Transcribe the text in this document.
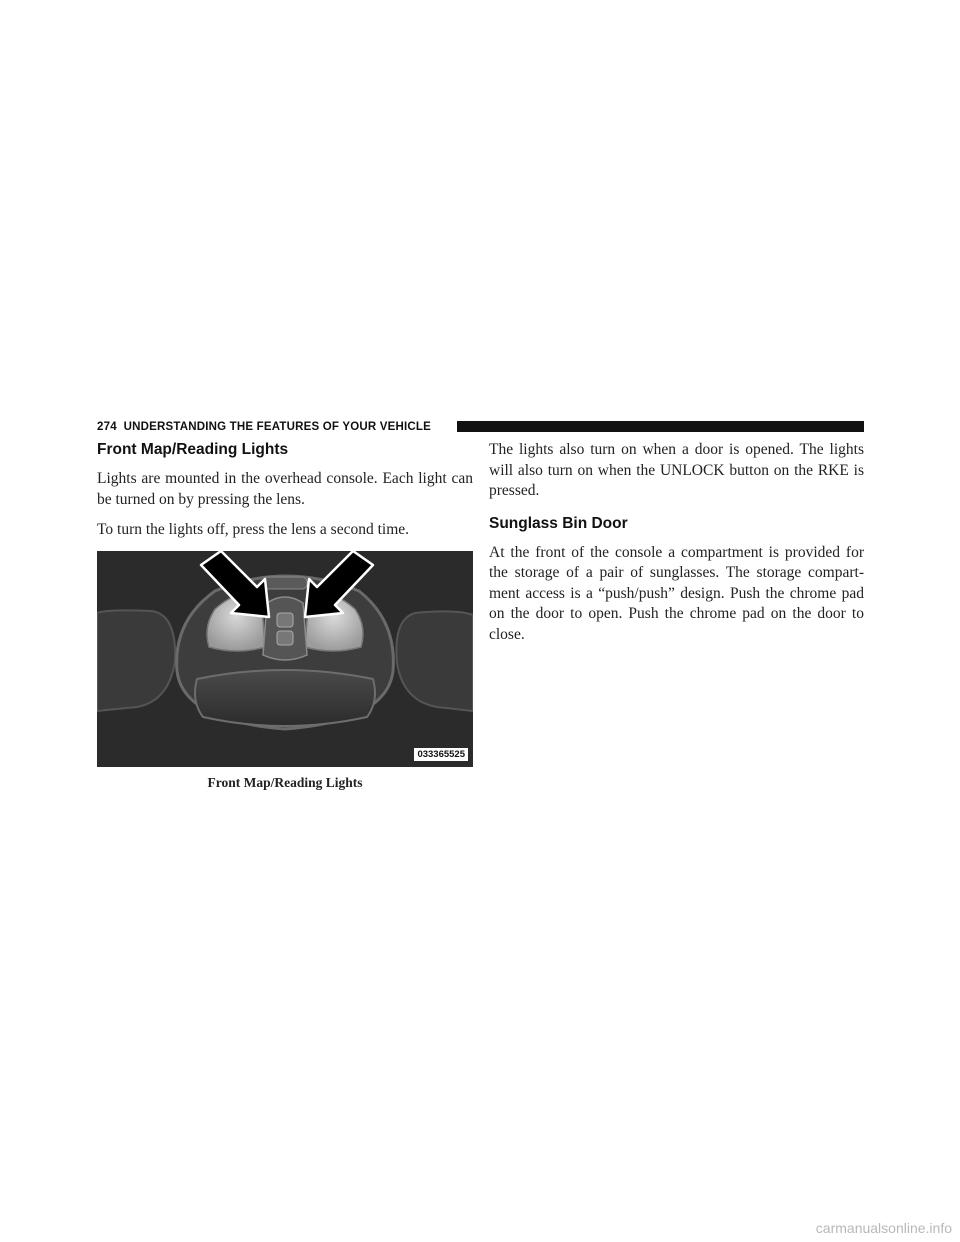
274 UNDERSTANDING THE FEATURES OF YOUR VEHICLE
Front Map/Reading Lights

Lights are mounted in the overhead console. Each light can be turned on by pressing the lens.

To turn the lights off, press the lens a second time.

033365525
Front Map/Reading Lights

The lights also turn on when a door is opened. The lights will also turn on when the UNLOCK button on the RKE is pressed.

Sunglass Bin Door

At the front of the console a compartment is provided for the storage of a pair of sunglasses. The storage compart-ment access is a “push/push” design. Push the chrome pad on the door to open. Push the chrome pad on the door to close.

carmanualsonline.info
